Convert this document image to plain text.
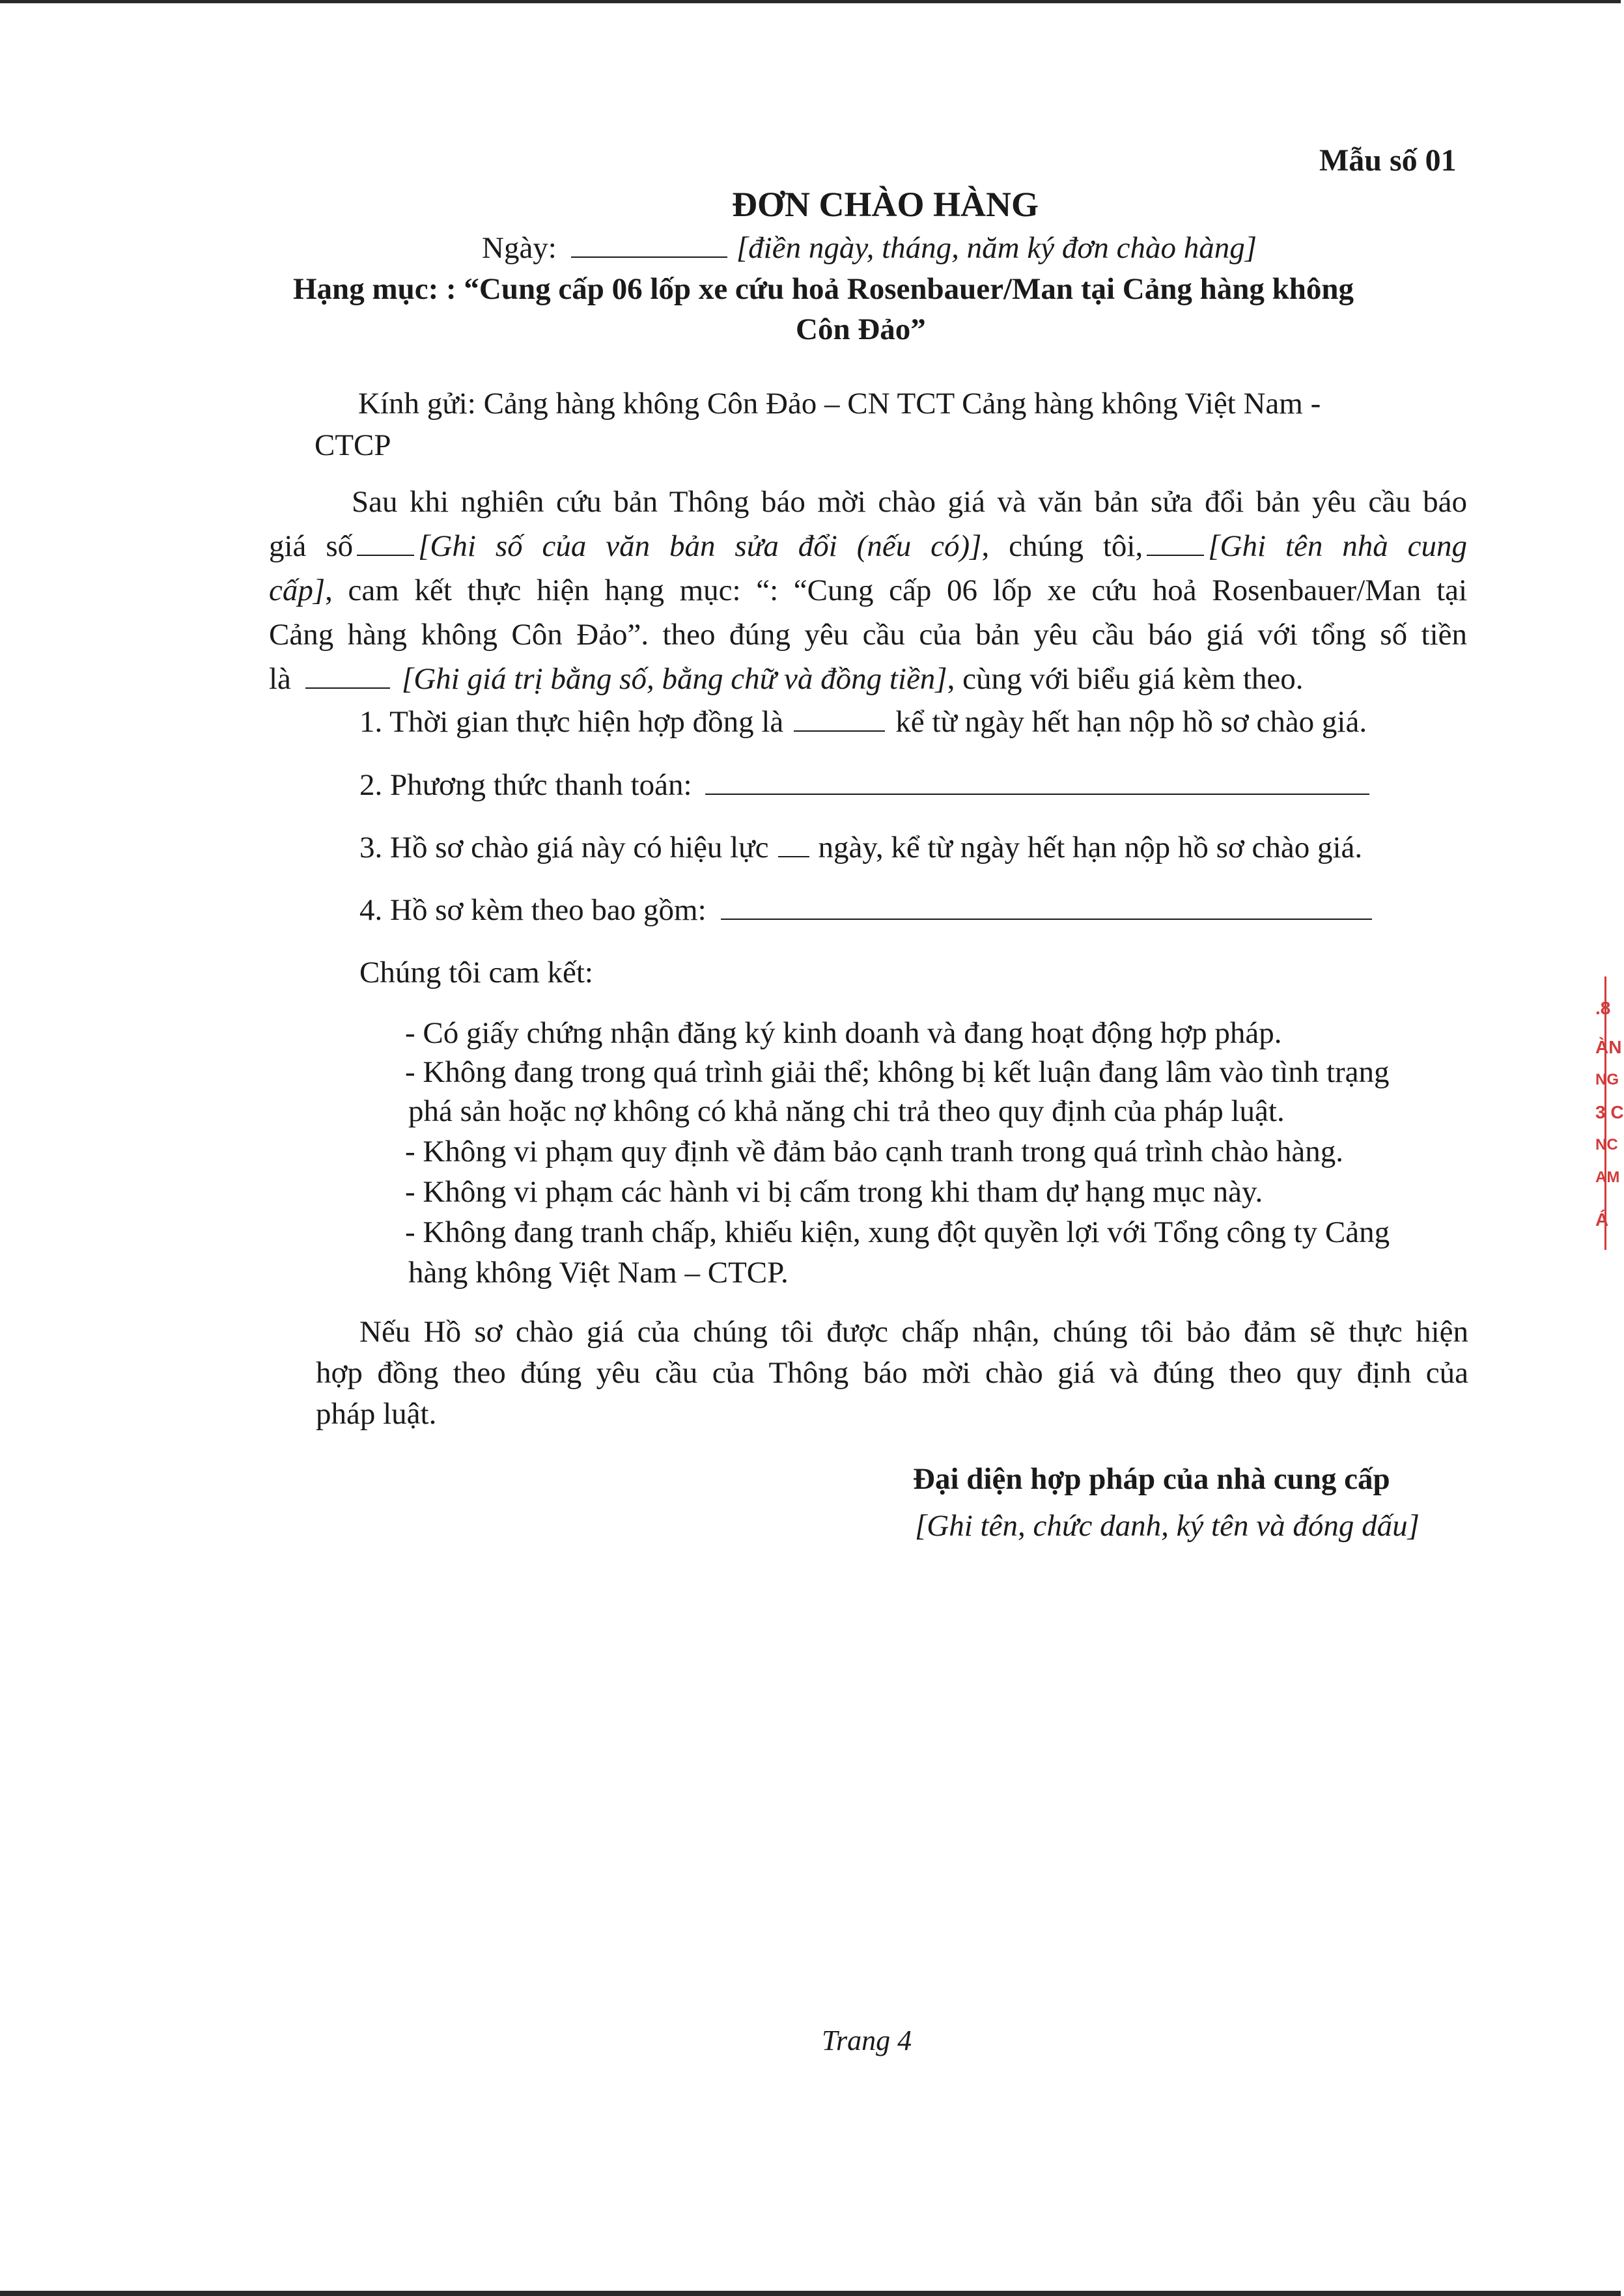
Mẫu số 01
ĐƠN CHÀO HÀNG
Ngày:	[điền ngày, tháng, năm ký đơn chào hàng]
Hạng mục: : “Cung cấp 06 lốp xe cứu hoả Rosenbauer/Man tại Cảng hàng không
Côn Đảo”
Kính gửi: Cảng hàng không Côn Đảo – CN TCT Cảng hàng không Việt Nam -
CTCP
Sau khi nghiên cứu bản Thông báo mời chào giá và văn bản sửa đổi bản yêu cầu báo
giá số [Ghi số của văn bản sửa đổi (nếu có)], chúng tôi, [Ghi tên nhà cung
cấp], cam kết thực hiện hạng mục: “: “Cung cấp 06 lốp xe cứu hoả Rosenbauer/Man tại
Cảng hàng không Côn Đảo”. theo đúng yêu cầu của bản yêu cầu báo giá với tổng số tiền
là	[Ghi giá trị bằng số, bằng chữ và đồng tiền], cùng với biểu giá kèm theo.
1. Thời gian thực hiện hợp đồng là	kể từ ngày hết hạn nộp hồ sơ chào giá.
2. Phương thức thanh toán:
3. Hồ sơ chào giá này có hiệu lực ngày, kể từ ngày hết hạn nộp hồ sơ chào giá.
4. Hồ sơ kèm theo bao gồm:
Chúng tôi cam kết:
- Có giấy chứng nhận đăng ký kinh doanh và đang hoạt động hợp pháp.
- Không đang trong quá trình giải thể; không bị kết luận đang lâm vào tình trạng
phá sản hoặc nợ không có khả năng chi trả theo quy định của pháp luật.
- Không vi phạm quy định về đảm bảo cạnh tranh trong quá trình chào hàng.
- Không vi phạm các hành vi bị cấm trong khi tham dự hạng mục này.
- Không đang tranh chấp, khiếu kiện, xung đột quyền lợi với Tổng công ty Cảng
hàng không Việt Nam – CTCP.
Nếu Hồ sơ chào giá của chúng tôi được chấp nhận, chúng tôi bảo đảm sẽ thực hiện
hợp đồng theo đúng yêu cầu của Thông báo mời chào giá và đúng theo quy định của
pháp luật.
Đại diện hợp pháp của nhà cung cấp
[Ghi tên, chức danh, ký tên và đóng dấu]
Trang 4
.8
ÀN
NG
3 C
NC
AM
Á
